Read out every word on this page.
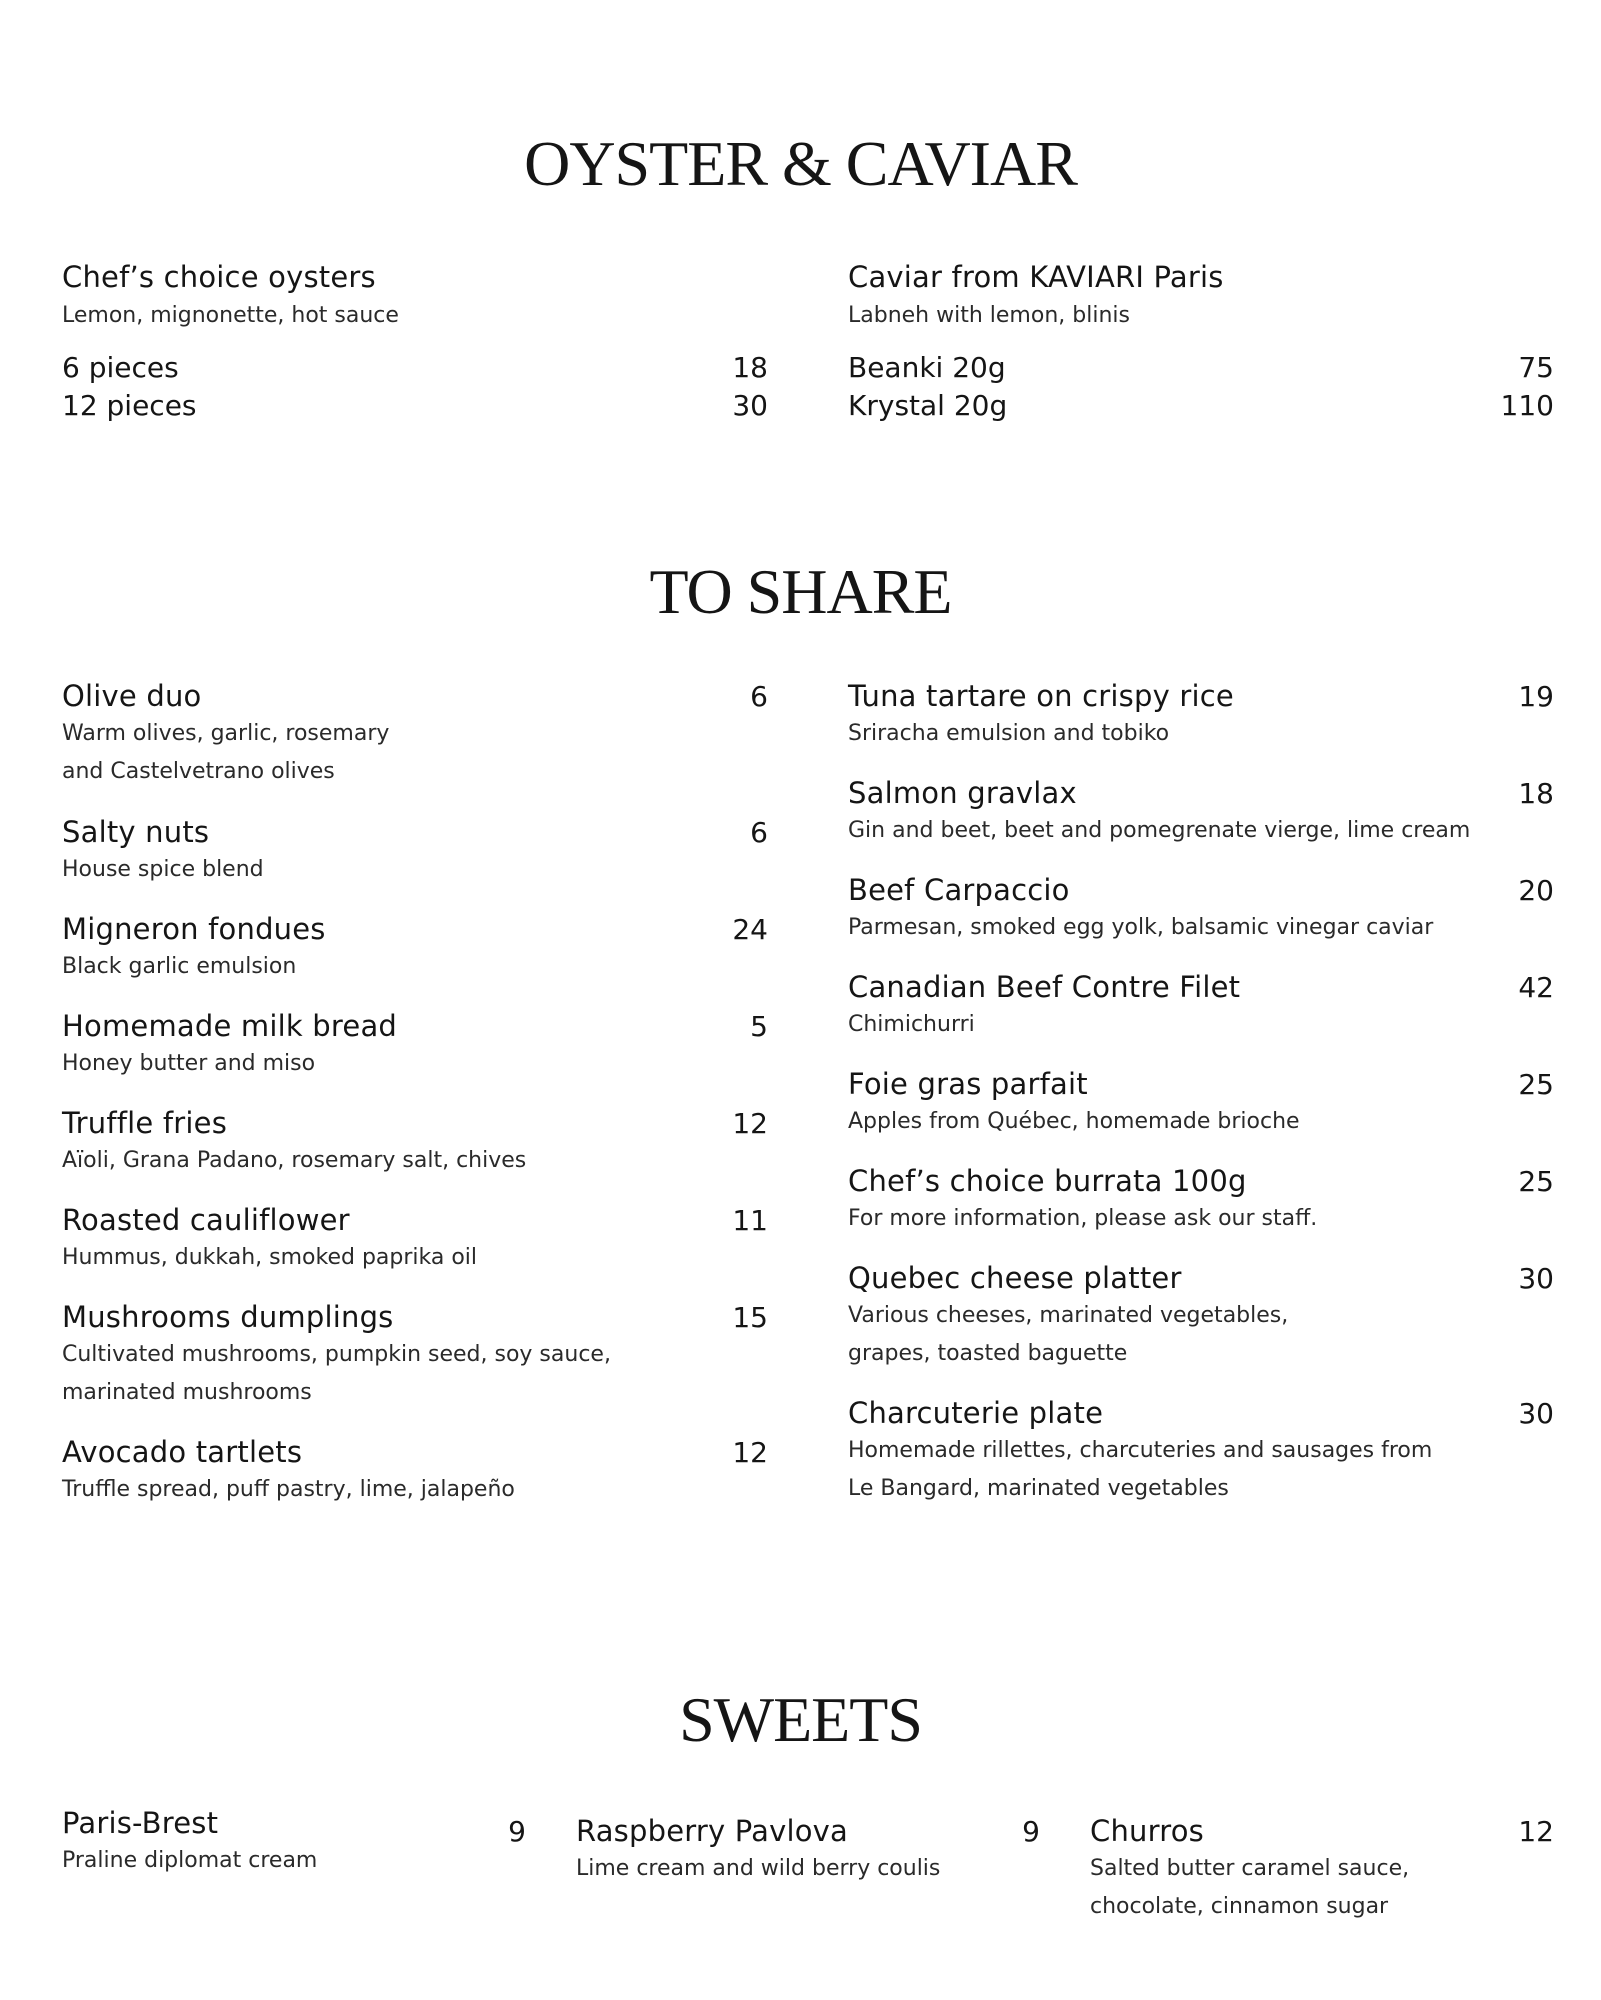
OYSTER & CAVIAR
Chef’s choice oysters
Lemon, mignonette, hot sauce
6 pieces	18
12 pieces	30
Caviar from KAVIARI Paris
Labneh with lemon, blinis
Beanki 20g	75
Krystal 20g	110
TO SHARE
Olive duo	6
Warm olives, garlic, rosemary
and Castelvetrano olives
Salty nuts	6
House spice blend
Migneron fondues	24
Black garlic emulsion
Homemade milk bread	5
Honey butter and miso
Truffle fries	12
Aïoli, Grana Padano, rosemary salt, chives
Roasted cauliflower	11
Hummus, dukkah, smoked paprika oil
Mushrooms dumplings	15
Cultivated mushrooms, pumpkin seed, soy sauce,
marinated mushrooms
Avocado tartlets	12
Truffle spread, puff pastry, lime, jalapeño
Tuna tartare on crispy rice	19
Sriracha emulsion and tobiko
Salmon gravlax	18
Gin and beet, beet and pomegrenate vierge, lime cream
Beef Carpaccio	20
Parmesan, smoked egg yolk, balsamic vinegar caviar
Canadian Beef Contre Filet	42
Chimichurri
Foie gras parfait	25
Apples from Québec, homemade brioche
Chef’s choice burrata 100g	25
For more information, please ask our staff.
Quebec cheese platter	30
Various cheeses, marinated vegetables,
grapes, toasted baguette
Charcuterie plate	30
Homemade rillettes, charcuteries and sausages from
Le Bangard, marinated vegetables
SWEETS
Paris-Brest	9
Praline diplomat cream
Raspberry Pavlova	9
Lime cream and wild berry coulis
Churros	12
Salted butter caramel sauce,
chocolate, cinnamon sugar
